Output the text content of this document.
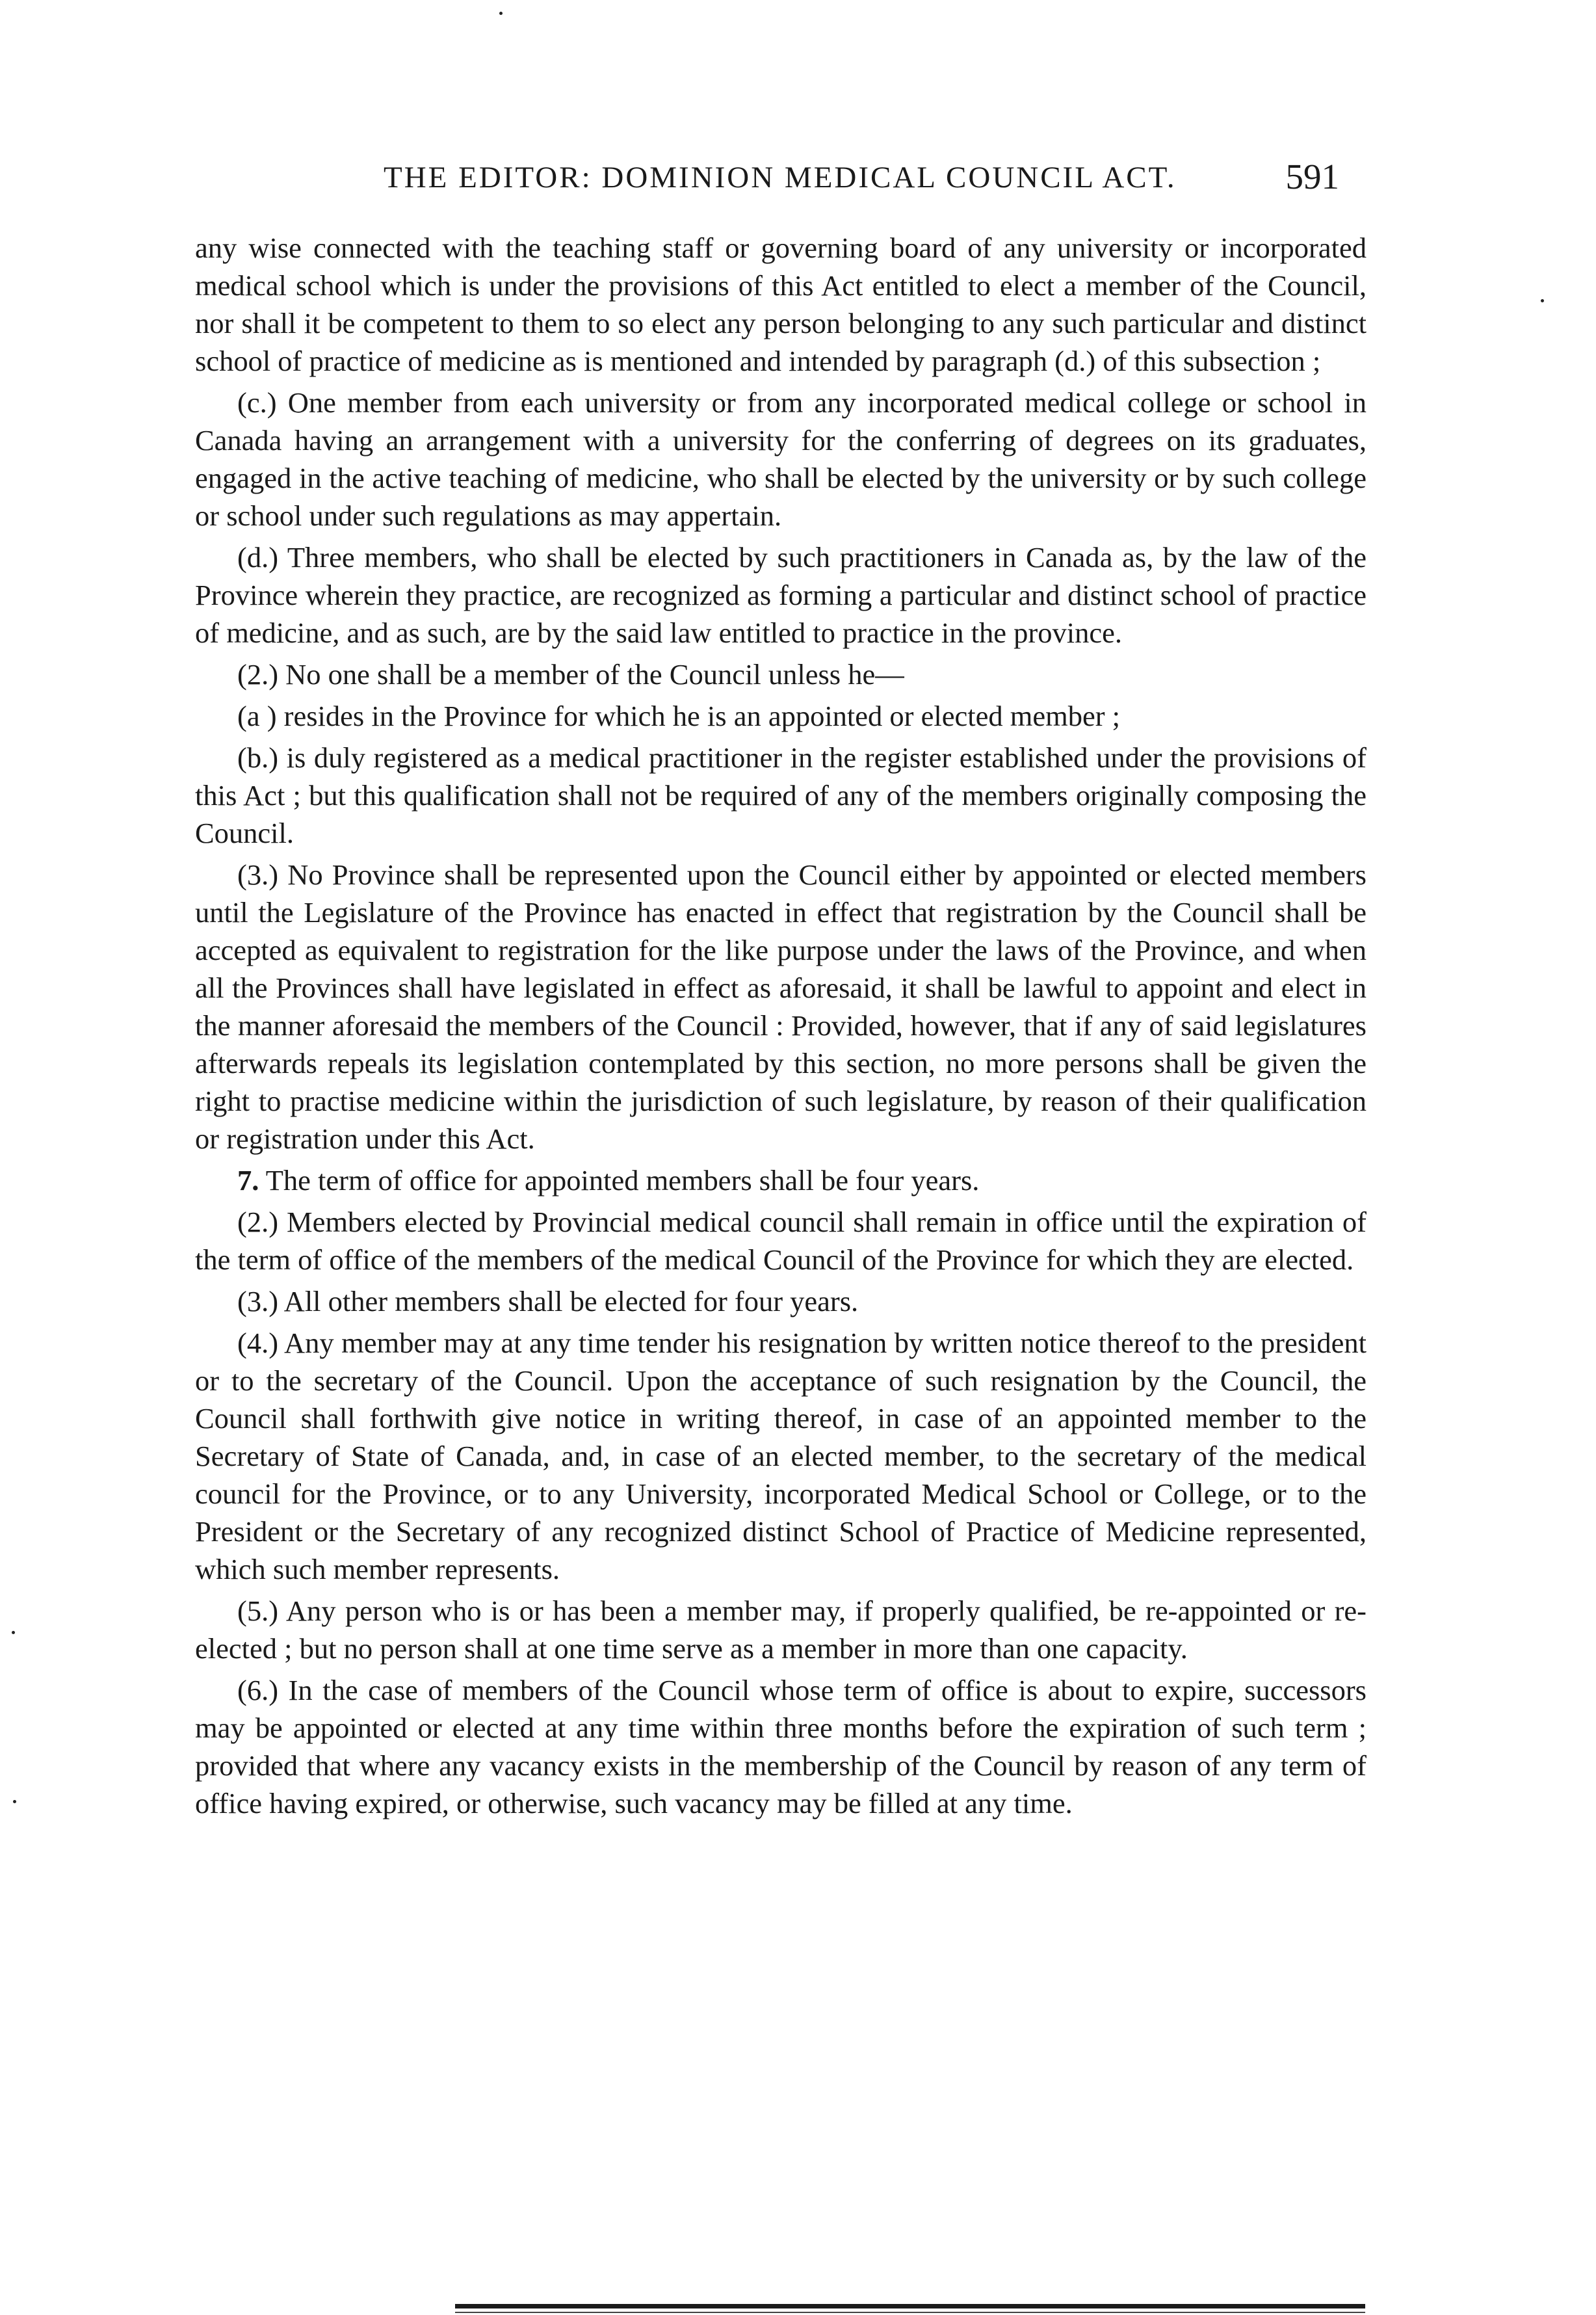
THE EDITOR: DOMINION MEDICAL COUNCIL ACT.	591

any wise connected with the teaching staff or governing board of any university or incorporated medical school which is under the provisions of this Act entitled to elect a member of the Council, nor shall it be competent to them to so elect any person belonging to any such particular and distinct school of practice of medicine as is mentioned and intended by paragraph (d.) of this subsection ;

(c.) One member from each university or from any incorporated medical college or school in Canada having an arrangement with a university for the conferring of degrees on its graduates, engaged in the active teaching of medicine, who shall be elected by the university or by such college or school under such regulations as may appertain.

(d.) Three members, who shall be elected by such practitioners in Canada as, by the law of the Province wherein they practice, are recognized as forming a particular and distinct school of practice of medicine, and as such, are by the said law entitled to practice in the province.

(2.) No one shall be a member of the Council unless he—

(a ) resides in the Province for which he is an appointed or elected member ;

(b.) is duly registered as a medical practitioner in the register established under the provisions of this Act ; but this qualification shall not be required of any of the members originally composing the Council.

(3.) No Province shall be represented upon the Council either by appointed or elected members until the Legislature of the Province has enacted in effect that registration by the Council shall be accepted as equivalent to registration for the like purpose under the laws of the Province, and when all the Provinces shall have legislated in effect as aforesaid, it shall be lawful to appoint and elect in the manner aforesaid the members of the Council : Provided, however, that if any of said legislatures afterwards repeals its legislation contemplated by this section, no more persons shall be given the right to practise medicine within the jurisdiction of such legislature, by reason of their qualification or registration under this Act.

7. The term of office for appointed members shall be four years.

(2.) Members elected by Provincial medical council shall remain in office until the expiration of the term of office of the members of the medical Council of the Province for which they are elected.

(3.) All other members shall be elected for four years.

(4.) Any member may at any time tender his resignation by written notice thereof to the president or to the secretary of the Council. Upon the acceptance of such resignation by the Council, the Council shall forthwith give notice in writing thereof, in case of an appointed member to the Secretary of State of Canada, and, in case of an elected member, to the secretary of the medical council for the Province, or to any University, incorporated Medical School or College, or to the President or the Secretary of any recognized distinct School of Practice of Medicine represented, which such member represents.

(5.) Any person who is or has been a member may, if properly qualified, be re-appointed or re-elected ; but no person shall at one time serve as a member in more than one capacity.

(6.) In the case of members of the Council whose term of office is about to expire, successors may be appointed or elected at any time within three months before the expiration of such term ; provided that where any vacancy exists in the membership of the Council by reason of any term of office having expired, or otherwise, such vacancy may be filled at any time.
